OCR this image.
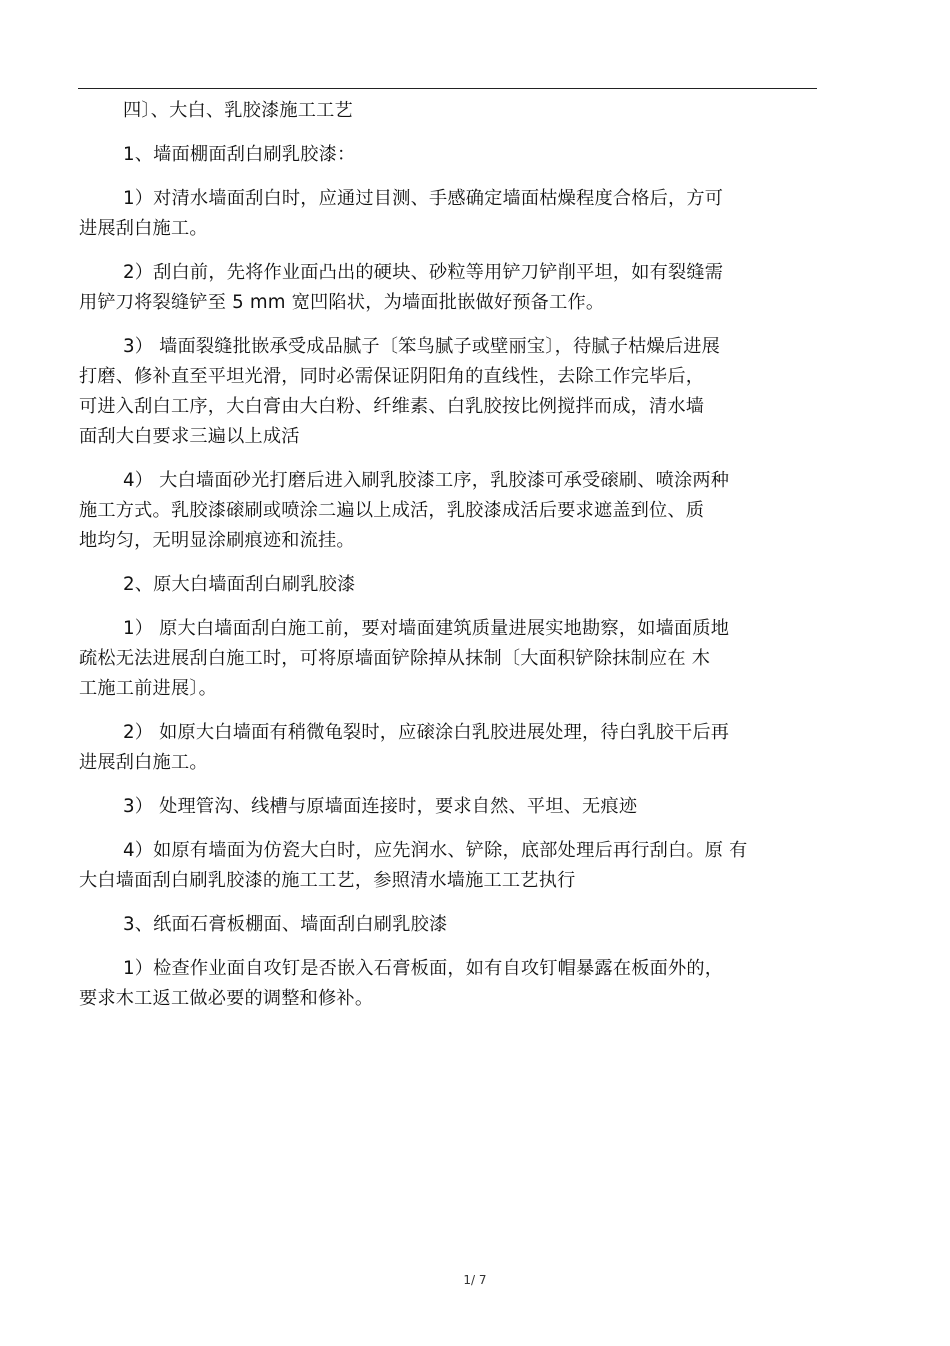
四〕、大白、乳胶漆施工工艺
1、墙面棚面刮白刷乳胶漆：
1）对清水墙面刮白时，应通过目测、手感确定墙面枯燥程度合格后，方可
进展刮白施工。
2）刮白前，先将作业面凸出的硬块、砂粒等用铲刀铲削平坦，如有裂缝需
用铲刀将裂缝铲至 5 mm 宽凹陷状，为墙面批嵌做好预备工作。
3） 墙面裂缝批嵌承受成品腻子〔笨鸟腻子或壁丽宝〕，待腻子枯燥后进展
打磨、修补直至平坦光滑，同时必需保证阴阳角的直线性，去除工作完毕后，
可进入刮白工序，大白膏由大白粉、纤维素、白乳胶按比例搅拌而成，清水墙
面刮大白要求三遍以上成活
4） 大白墙面砂光打磨后进入刷乳胶漆工序，乳胶漆可承受磙刷、喷涂两种
施工方式。乳胶漆磙刷或喷涂二遍以上成活，乳胶漆成活后要求遮盖到位、质
地均匀，无明显涂刷痕迹和流挂。
2、原大白墙面刮白刷乳胶漆
1） 原大白墙面刮白施工前，要对墙面建筑质量进展实地勘察，如墙面质地
疏松无法进展刮白施工时，可将原墙面铲除掉从抹制〔大面积铲除抹制应在 木
工施工前进展〕。
2） 如原大白墙面有稍微龟裂时，应磙涂白乳胶进展处理，待白乳胶干后再
进展刮白施工。
3） 处理管沟、线槽与原墙面连接时，要求自然、平坦、无痕迹
4）如原有墙面为仿瓷大白时，应先润水、铲除，底部处理后再行刮白。原 有
大白墙面刮白刷乳胶漆的施工工艺，参照清水墙施工工艺执行
3、纸面石膏板棚面、墙面刮白刷乳胶漆
1）检查作业面自攻钉是否嵌入石膏板面，如有自攻钉帽暴露在板面外的，
要求木工返工做必要的调整和修补。
1/ 7
